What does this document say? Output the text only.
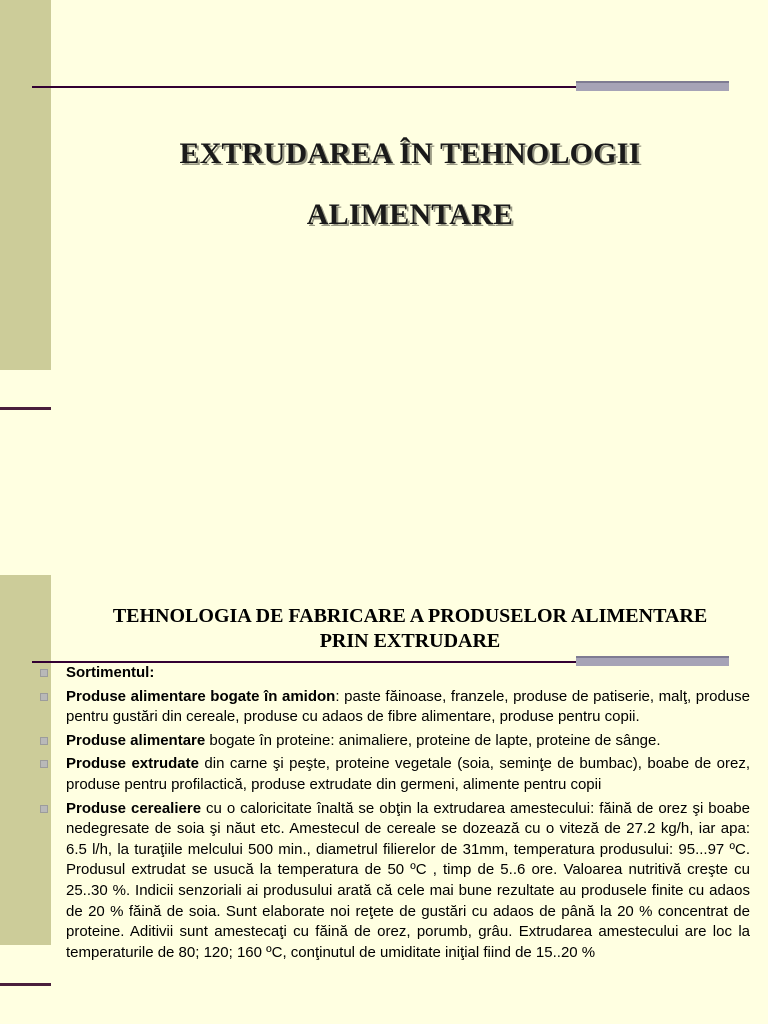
EXTRUDAREA ÎN TEHNOLOGII
ALIMENTARE
TEHNOLOGIA DE FABRICARE A PRODUSELOR ALIMENTARE
PRIN EXTRUDARE
Sortimentul:
Produse alimentare bogate în amidon: paste făinoase, franzele, produse de patiserie, malţ, produse pentru gustări din cereale, produse cu adaos de fibre alimentare, produse pentru copii.
Produse alimentare bogate în proteine: animaliere, proteine de lapte, proteine de sânge.
Produse extrudate din carne şi peşte, proteine vegetale (soia, seminţe de bumbac), boabe de orez, produse pentru profilactică, produse extrudate din germeni, alimente pentru copii
Produse cerealiere cu o caloricitate înaltă se obţin la extrudarea amestecului: făină de orez şi boabe nedegresate de soia şi năut etc. Amestecul de cereale se dozează cu o viteză de 27.2 kg/h, iar apa: 6.5 l/h, la turaţiile melcului 500 min., diametrul filierelor de 31mm, temperatura produsului: 95...97 ºC. Produsul extrudat se usucă la temperatura de 50 ºC , timp de 5..6 ore. Valoarea nutritivă creşte cu 25..30 %. Indicii senzoriali ai produsului arată că cele mai bune rezultate au produsele finite cu adaos de 20 % făină de soia. Sunt elaborate noi reţete de gustări cu adaos de până la 20 % concentrat de proteine. Aditivii sunt amestecaţi cu făină de orez, porumb, grâu. Extrudarea amestecului are loc la temperaturile de 80; 120; 160 ºC, conţinutul de umiditate iniţial fiind de 15..20 %
